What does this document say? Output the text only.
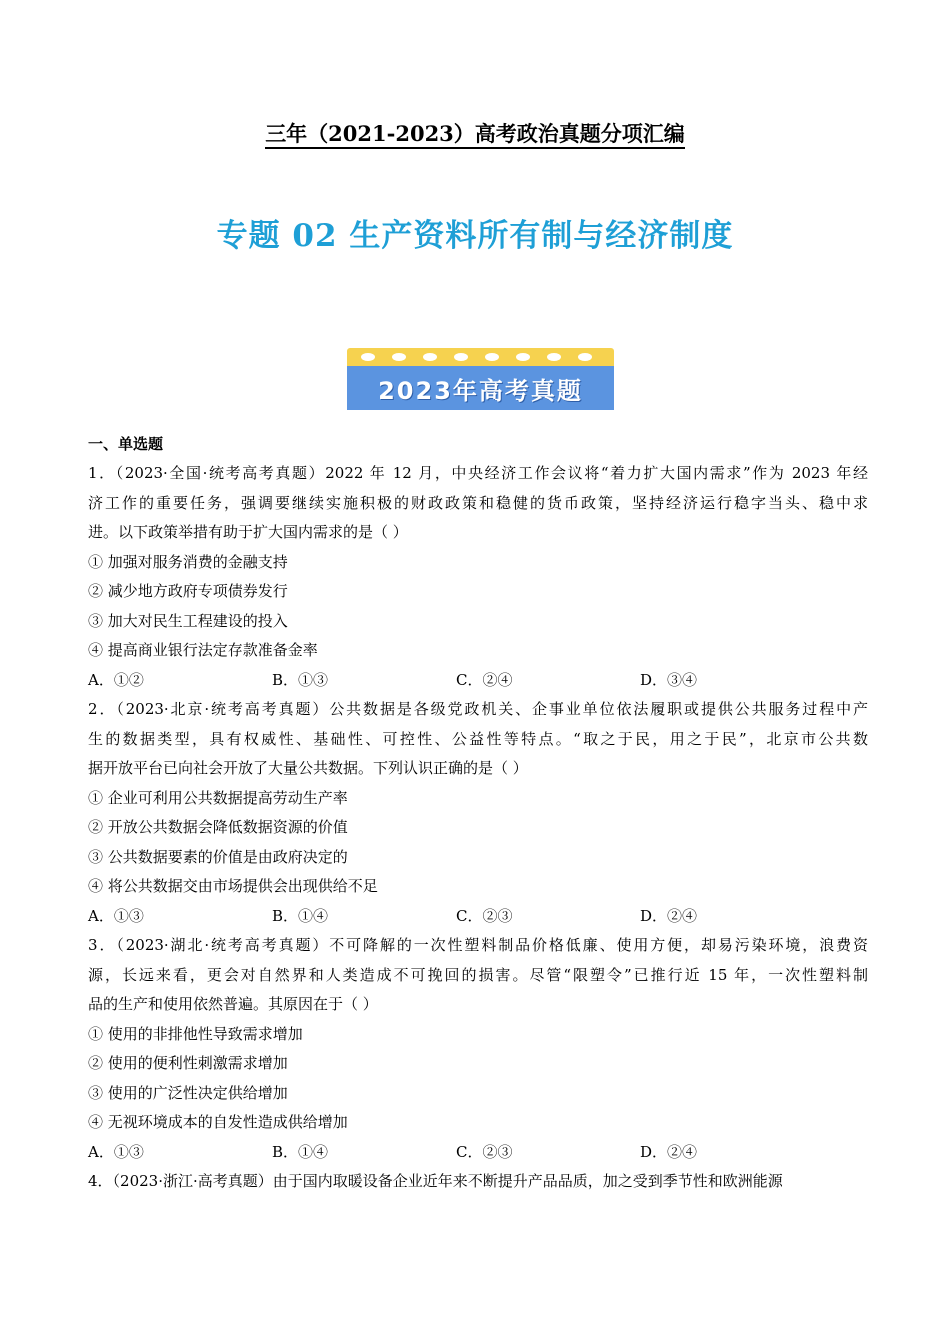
三年（2021-2023）高考政治真题分项汇编
专题 02 生产资料所有制与经济制度
2023年高考真题
一、单选题
1．（2023·全国·统考高考真题）2022 年 12 月，中央经济工作会议将“着力扩大国内需求”作为 2023 年经
济工作的重要任务，强调要继续实施积极的财政政策和稳健的货币政策，坚持经济运行稳字当头、稳中求
进。以下政策举措有助于扩大国内需求的是（ ）
① 加强对服务消费的金融支持
② 减少地方政府专项债券发行
③ 加大对民生工程建设的投入
④ 提高商业银行法定存款准备金率
A．①②	B．①③	C．②④	D．③④
2．（2023·北京·统考高考真题）公共数据是各级党政机关、企事业单位依法履职或提供公共服务过程中产
生的数据类型，具有权威性、基础性、可控性、公益性等特点。“取之于民，用之于民”，北京市公共数
据开放平台已向社会开放了大量公共数据。下列认识正确的是（ ）
① 企业可利用公共数据提高劳动生产率
② 开放公共数据会降低数据资源的价值
③ 公共数据要素的价值是由政府决定的
④ 将公共数据交由市场提供会出现供给不足
A．①③	B．①④	C．②③	D．②④
3．（2023·湖北·统考高考真题）不可降解的一次性塑料制品价格低廉、使用方便，却易污染环境，浪费资
源，长远来看，更会对自然界和人类造成不可挽回的损害。尽管“限塑令”已推行近 15 年，一次性塑料制
品的生产和使用依然普遍。其原因在于（ ）
① 使用的非排他性导致需求增加
② 使用的便利性刺激需求增加
③ 使用的广泛性决定供给增加
④ 无视环境成本的自发性造成供给增加
A．①③	B．①④	C．②③	D．②④
4．（2023·浙江·高考真题）由于国内取暖设备企业近年来不断提升产品品质，加之受到季节性和欧洲能源
